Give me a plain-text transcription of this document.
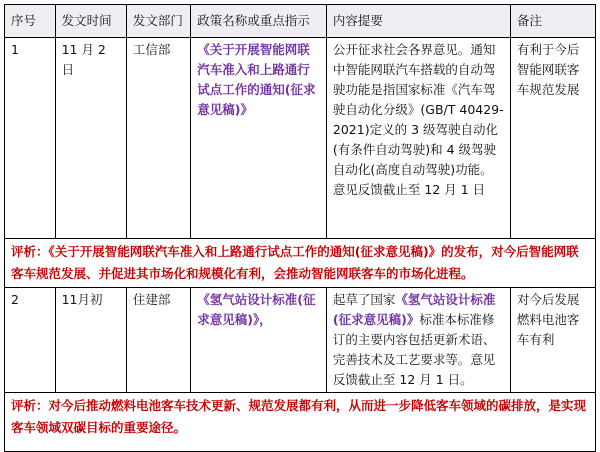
序号	发文时间	发文部门	政策名称或重点指示	内容提要	备注
1	11 月 2 日	工信部	《关于开展智能网联汽车准入和上路通行试点工作的通知(征求意见稿)》	公开征求社会各界意见。通知中智能网联汽车搭载的自动驾驶功能是指国家标准《汽车驾驶自动化分级》(GB/T 40429-2021)定义的 3 级驾驶自动化(有条件自动驾驶)和 4 级驾驶自动化(高度自动驾驶)功能。意见反馈截止至 12 月 1 日	有利于今后智能网联客车规范发展
评析：《关于开展智能网联汽车准入和上路通行试点工作的通知(征求意见稿)》的发布，对今后智能网联客车规范发展、并促进其市场化和规模化有利，会推动智能网联客车的市场化进程。					
2	11月初	住建部	《氢气站设计标准(征求意见稿)》，	起草了国家《氢气站设计标准(征求意见稿)》标准本标准修订的主要内容包括更新术语、完善技术及工艺要求等。意见反馈截止至 12 月 1 日。	对今后发展燃料电池客车有利
评析：对今后推动燃料电池客车技术更新、规范发展都有利，从而进一步降低客车领域的碳排放，是实现客车领域双碳目标的重要途径。					
